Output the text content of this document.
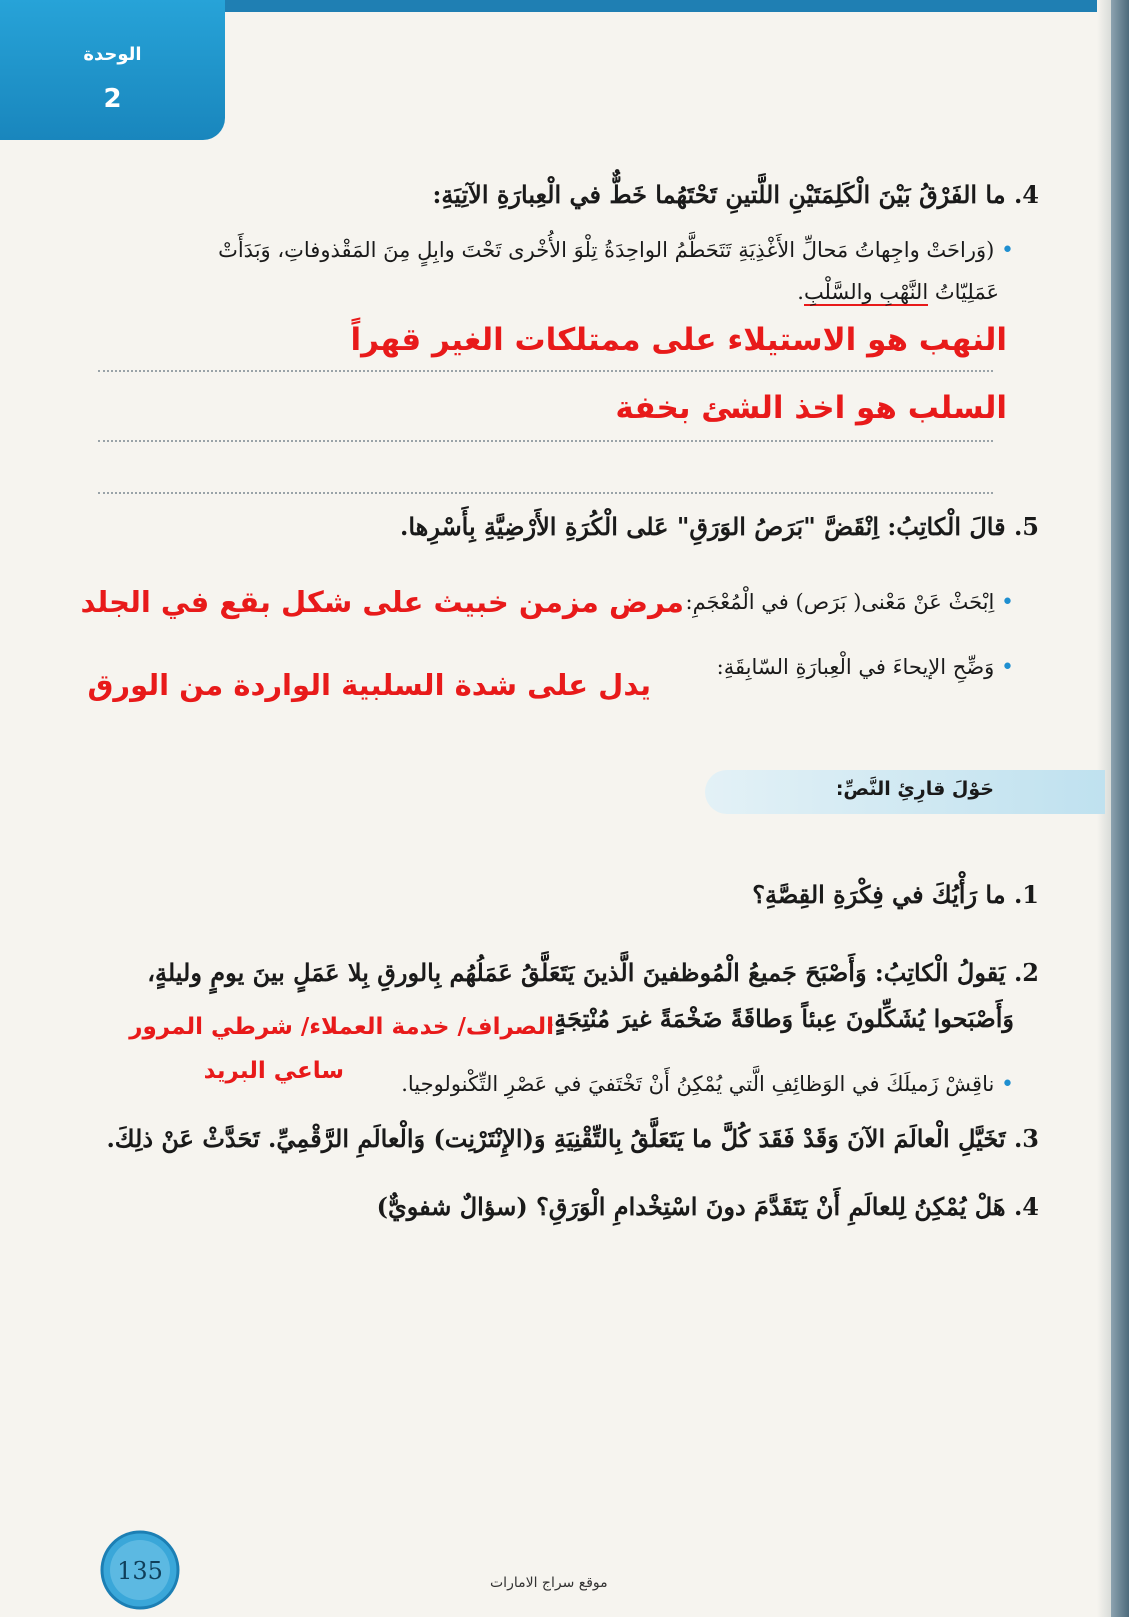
الوحدة
2
4. ما الفَرْقُ بَيْنَ الْكَلِمَتَيْنِ اللَّتينِ تَحْتَهُما خَطٌّ في الْعِبارَةِ الآتِيَةِ:
• (وَراحَتْ واجِهاتُ مَحالِّ الأَغْذِيَةِ تَتَحَطَّمُ الواحِدَةُ تِلْوَ الأُخْرى تَحْتَ وابِلٍ مِنَ المَقْذوفاتِ، وَبَدَأَتْ
عَمَلِيّاتُ النَّهْبِ والسَّلْبِ.
النهب هو الاستيلاء على ممتلكات الغير قهراً
السلب هو اخذ الشئ بخفة
5. قالَ الْكاتِبُ: اِنْقَضَّ "بَرَصُ الوَرَقِ" عَلى الْكُرَةِ الأَرْضِيَّةِ بِأَسْرِها.
• اِبْحَثْ عَنْ مَعْنى( بَرَص) في الْمُعْجَمِ:
مرض مزمن خبيث على شكل بقع في الجلد
• وَضِّحِ الإيحاءَ في الْعِبارَةِ السّابِقَةِ:
يدل على شدة السلبية الواردة من الورق
حَوْلَ قارِئِ النَّصِّ:
1. ما رَأْيُكَ في فِكْرَةِ القِصَّةِ؟
2. يَقولُ الْكاتِبُ: وَأَصْبَحَ جَميعُ الْمُوظفينَ الَّذينَ يَتَعَلَّقُ عَمَلُهُم بِالورقِ بِلا عَمَلٍ بينَ يومٍ وليلةٍ،
وَأَصْبَحوا يُشَكِّلونَ عِبئاً وَطاقَةً ضَخْمَةً غيرَ مُنْتِجَةٍ.
الصراف/ خدمة العملاء/ شرطي المرور
ساعي البريد
• ناقِشْ زَميلَكَ في الوَظائِفِ الَّتي يُمْكِنُ أَنْ تَخْتَفيَ في عَصْرِ التِّكْنولوجيا.
3. تَخَيَّلِ الْعالَمَ الآنَ وَقَدْ فَقَدَ كُلَّ ما يَتَعَلَّقُ بِالتِّقْنِيَةِ وَ(الإِنْتَرْنِت) وَالْعالَمِ الرَّقْمِيِّ. تَحَدَّثْ عَنْ ذلِكَ.
4. هَلْ يُمْكِنُ لِلعالَمِ أَنْ يَتَقَدَّمَ دونَ اسْتِخْدامِ الْوَرَقِ؟ (سؤالٌ شفويٌّ)
135	موقع سراج الامارات
